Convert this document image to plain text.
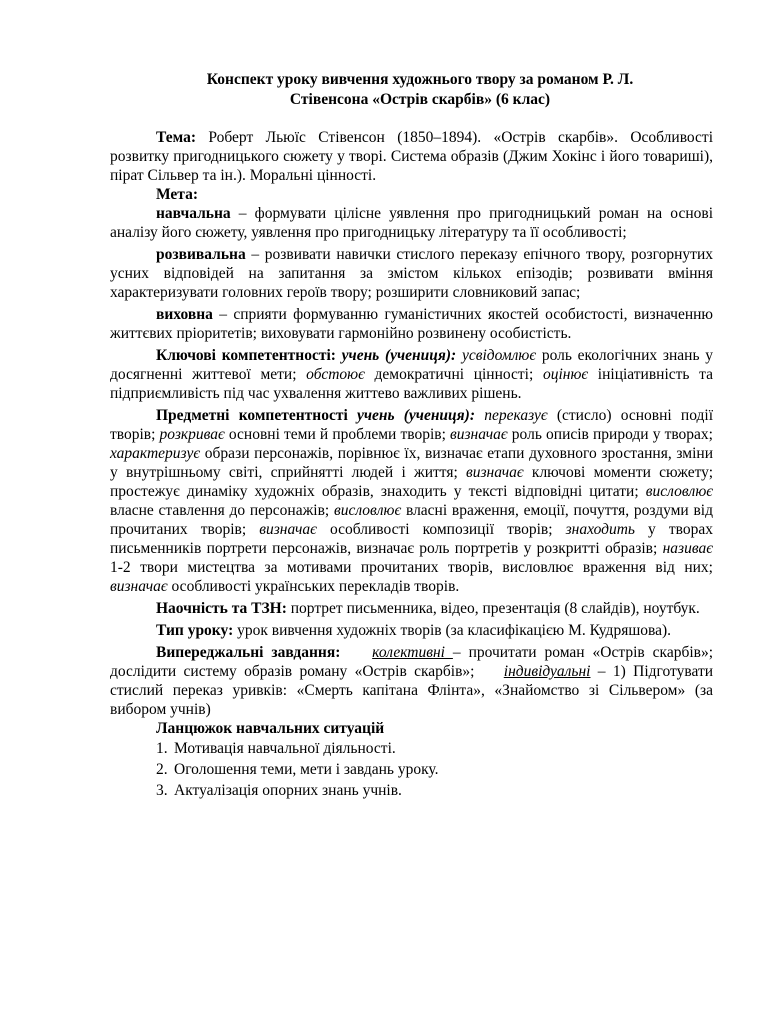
Конспект уроку вивчення художнього твору за романом Р. Л.
Стівенсона «Острів скарбів» (6 клас)

Тема: Роберт Льюїс Стівенсон (1850–1894). «Острів скарбів». Особливості розвитку пригодницького сюжету у творі. Система образів (Джим Хокінс і його товариші), пірат Сільвер та ін.). Моральні цінності.

Мета:

навчальна – формувати цілісне уявлення про пригодницький роман на основі аналізу його сюжету, уявлення про пригодницьку літературу та її особливості;

розвивальна – розвивати навички стислого переказу епічного твору, розгорнутих усних відповідей на запитання за змістом кількох епізодів; розвивати вміння характеризувати головних героїв твору; розширити словниковий запас;

виховна – сприяти формуванню гуманістичних якостей особистості, визначенню життєвих пріоритетів; виховувати гармонійно розвинену особистість.

Ключові компетентності: учень (учениця): усвідомлює роль екологічних знань у досягненні життевої мети; обстоює демократичні цінності; оцінює ініціативність та підприємливість під час ухвалення життево важливих рішень.

Предметні компетентності учень (учениця): переказує (стисло) основні події творів; розкриває основні теми й проблеми творів; визначає роль описів природи у творах; характеризує образи персонажів, порівнює їх, визначає етапи духовного зростання, зміни у внутрішньому світі, сприйнятті людей і життя; визначає ключові моменти сюжету; простежує динаміку художніх образів, знаходить у тексті відповідні цитати; висловлює власне ставлення до персонажів; висловлює власні враження, емоції, почуття, роздуми від прочитаних творів; визначає особливості композиції творів; знаходить у творах письменників портрети персонажів, визначає роль портретів у розкритті образів; називає 1-2 твори мистецтва за мотивами прочитаних творів, висловлює враження від них; визначає особливості українських перекладів творів.

Наочність та ТЗН: портрет письменника, відео, презентація (8 слайдів), ноутбук.

Тип уроку: урок вивчення художніх творів (за класифікацією М. Кудряшова).

Випереджальні завдання: колективні – прочитати роман «Острів скарбів»; дослідити систему образів роману «Острів скарбів»; індивідуальні – 1) Підготувати стислий переказ уривків: «Смерть капітана Флінта», «Знайомство зі Сільвером» (за вибором учнів)

Ланцюжок навчальних ситуацій

1. Мотивація навчальної діяльності.
2. Оголошення теми, мети і завдань уроку.
3. Актуалізація опорних знань учнів.
